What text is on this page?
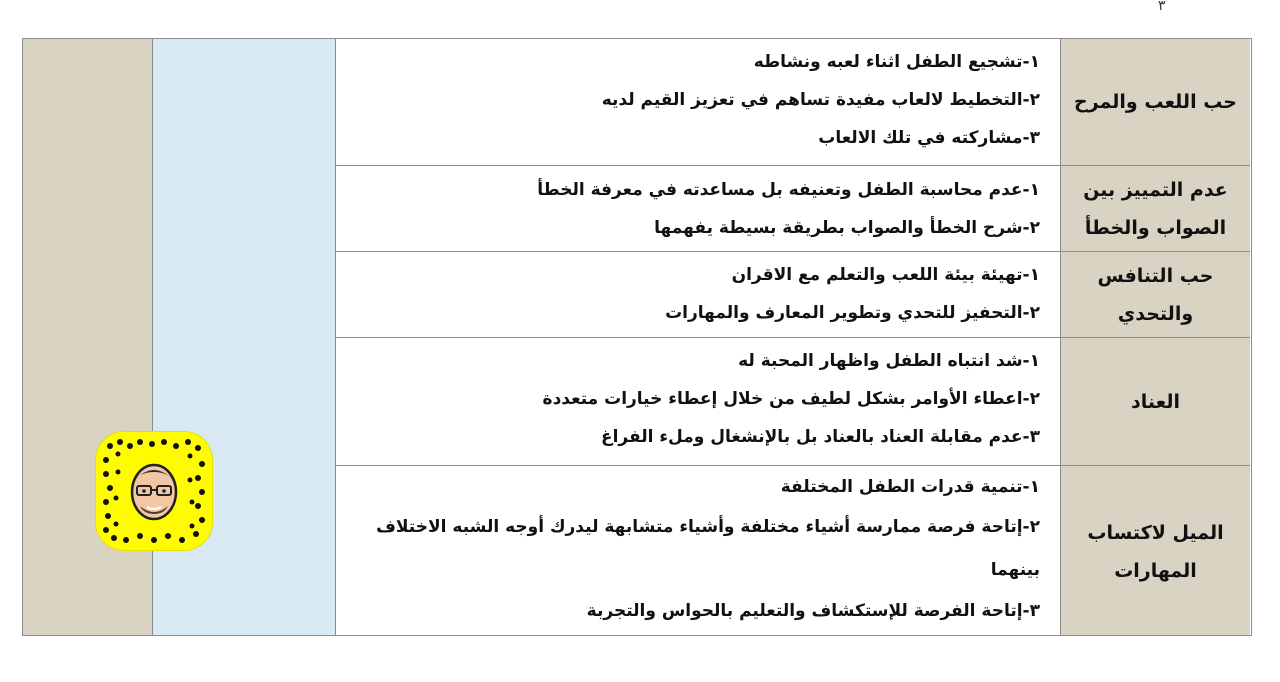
٣
١-تشجيع الطفل اثناء لعبه ونشاطه
٢-التخطيط لالعاب مفيدة تساهم في تعزيز القيم لديه
٣-مشاركته في تلك الالعاب
١-عدم محاسبة الطفل وتعنيفه بل مساعدته في معرفة الخطأ
٢-شرح الخطأ والصواب بطريقة بسيطة يفهمها
١-تهيئة بيئة اللعب والتعلم مع الاقران
٢-التحفيز للتحدي وتطوير المعارف والمهارات
١-شد انتباه الطفل واظهار المحبة له
٢-اعطاء الأوامر بشكل لطيف من خلال إعطاء خيارات متعددة
٣-عدم مقابلة العناد بالعناد بل بالإنشغال وملء الفراغ
١-تنمية قدرات الطفل المختلفة
٢-إتاحة فرصة ممارسة أشياء مختلفة وأشياء متشابهة ليدرك أوجه الشبه الاختلاف بينهما
٣-إتاحة الفرصة للإستكشاف والتعليم بالحواس والتجربة
حب اللعب والمرح
عدم التمييز بين الصواب والخطأ
حب التنافس والتحدي
العناد
الميل لاكتساب المهارات
